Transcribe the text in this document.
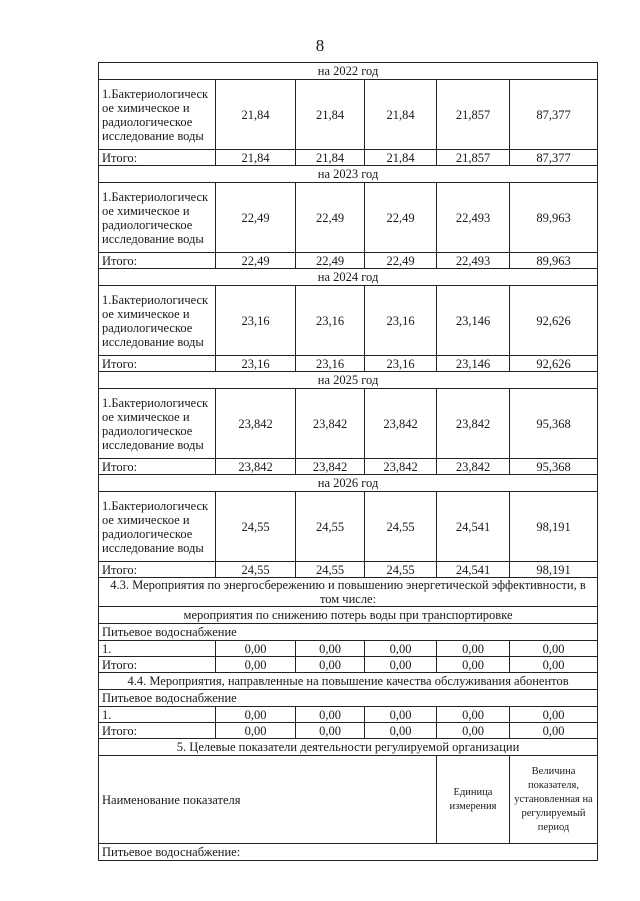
8
на 2022 год					
1.Бактериологическ ое химическое и радиологическое исследование воды	21,84	21,84	21,84	21,857	87,377
Итого:	21,84	21,84	21,84	21,857	87,377
на 2023 год					
1.Бактериологическ ое химическое и радиологическое исследование воды	22,49	22,49	22,49	22,493	89,963
Итого:	22,49	22,49	22,49	22,493	89,963
на 2024 год					
1.Бактериологическ ое химическое и радиологическое исследование воды	23,16	23,16	23,16	23,146	92,626
Итого:	23,16	23,16	23,16	23,146	92,626
на 2025 год					
1.Бактериологическ ое химическое и радиологическое исследование воды	23,842	23,842	23,842	23,842	95,368
Итого:	23,842	23,842	23,842	23,842	95,368
на 2026 год					
1.Бактериологическ ое химическое и радиологическое исследование воды	24,55	24,55	24,55	24,541	98,191
Итого:	24,55	24,55	24,55	24,541	98,191
4.3. Мероприятия по энергосбережению и повышению энергетической эффективности, в том числе:					
мероприятия по снижению потерь воды при транспортировке					
Питьевое водоснабжение					
1.	0,00	0,00	0,00	0,00	0,00
Итого:	0,00	0,00	0,00	0,00	0,00
4.4. Мероприятия, направленные на повышение качества обслуживания абонентов					
Питьевое водоснабжение					
1.	0,00	0,00	0,00	0,00	0,00
Итого:	0,00	0,00	0,00	0,00	0,00
5. Целевые показатели деятельности регулируемой организации					
Наименование показателя				Единица измерения	Величина показателя, установленная на регулируемый период
Питьевое водоснабжение:					
